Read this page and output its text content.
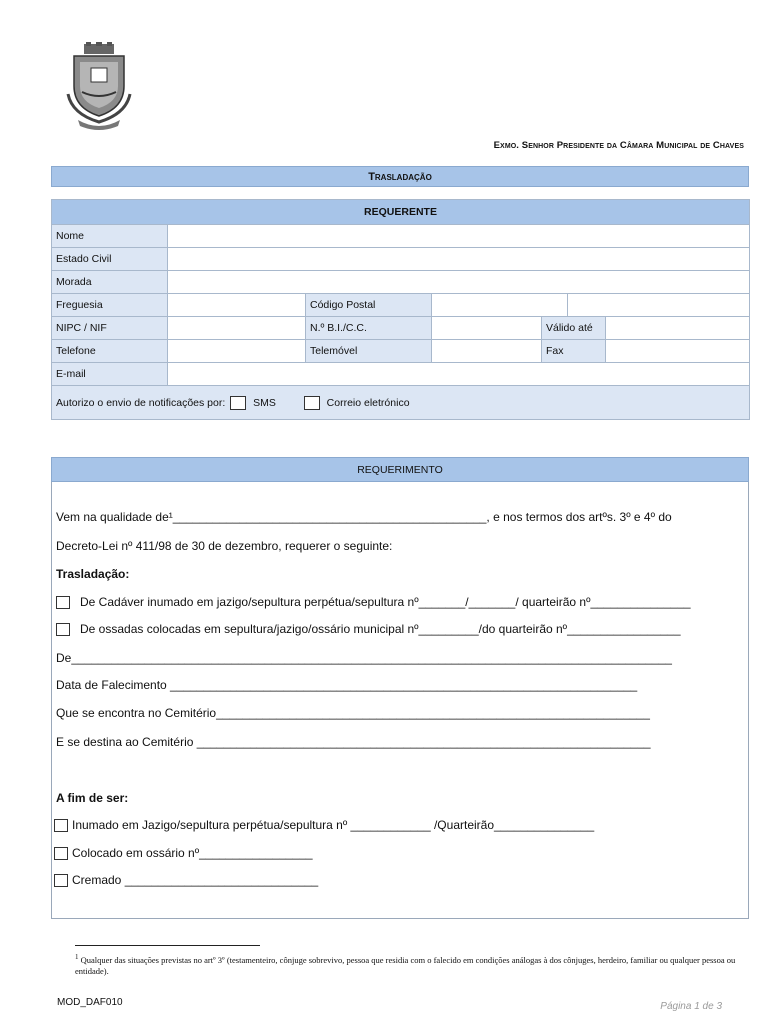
Exmo. Senhor Presidente da Câmara Municipal de Chaves
Trasladação
REQUERENTE						
Nome						
Estado Civil						
Morada						
Freguesia		Código Postal				
NIPC / NIF		N.º B.I./C.C.		Válido até		
Telefone		Telemóvel		Fax		
E-mail						
Autorizo o envio de notificações por: SMS Correio eletrónico						
REQUERIMENTO
Vem na qualidade de¹_______________________________________________, e nos termos dos artºs. 3º e 4º do
Decreto-Lei nº 411/98 de 30 de dezembro, requerer o seguinte:
Trasladação:
De Cadáver inumado em jazigo/sepultura perpétua/sepultura nº_______/_______/ quarteirão nº_______________
De ossadas colocadas em sepultura/jazigo/ossário municipal nº_________/do quarteirão nº_________________
De__________________________________________________________________________________________
Data de Falecimento ______________________________________________________________________
Que se encontra no Cemitério_________________________________________________________________
E se destina ao Cemitério ____________________________________________________________________
A fim de ser:
Inumado em Jazigo/sepultura perpétua/sepultura nº ____________ /Quarteirão_______________
Colocado em ossário nº_________________
Cremado _____________________________
$^1$ Qualquer das situações previstas no artº 3º (testamenteiro, cônjuge sobrevivo, pessoa que residia com o falecido em condições análogas à dos cônjuges, herdeiro, familiar ou qualquer pessoa ou entidade).
MOD_DAF010	Página 1 de 3
